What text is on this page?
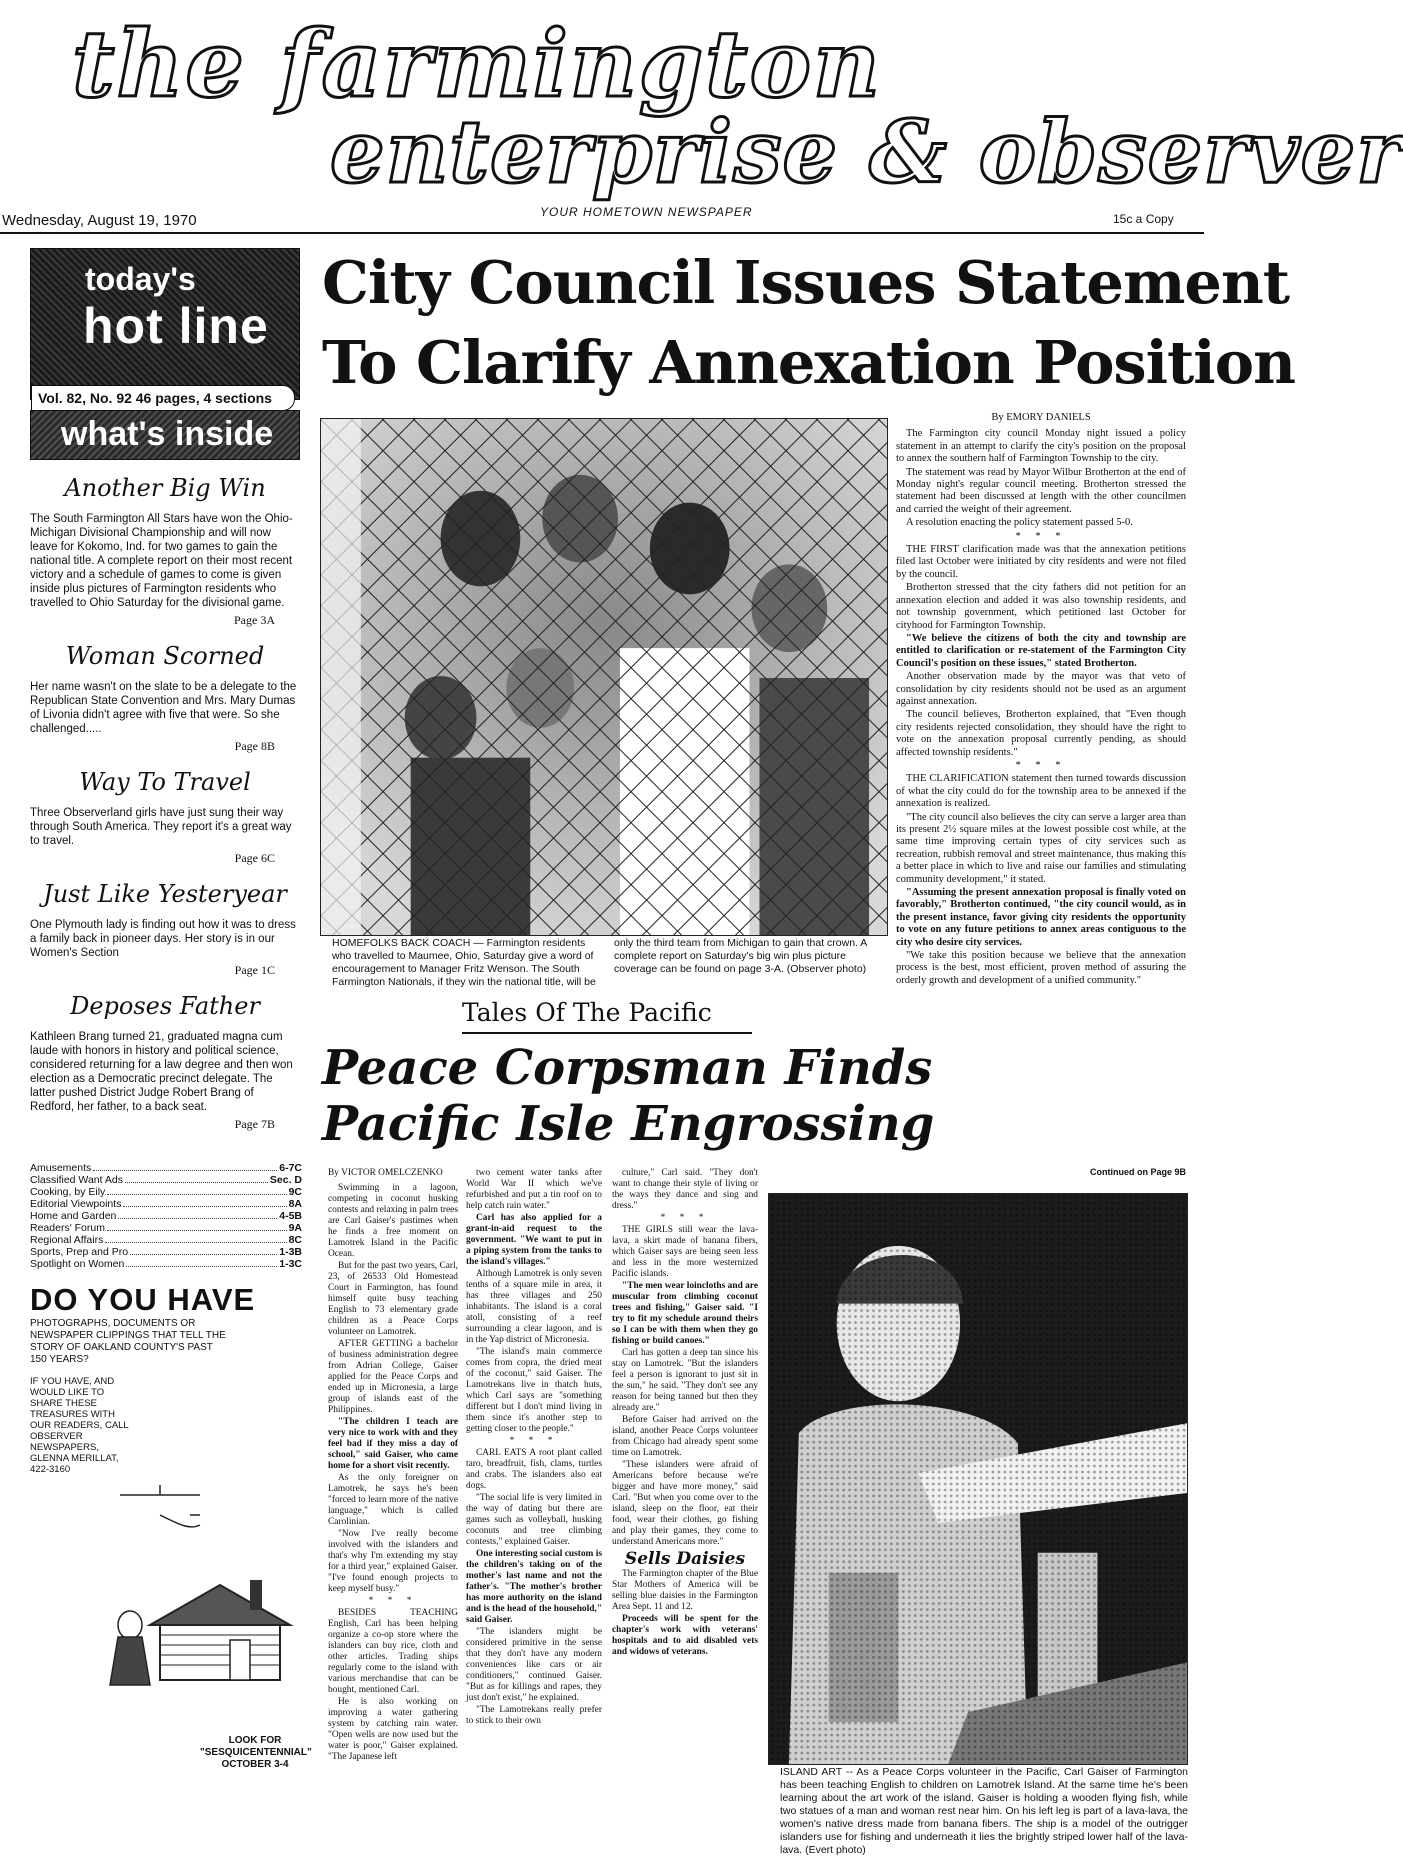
the farmington
enterprise & observer
Wednesday, August 19, 1970	YOUR HOMETOWN NEWSPAPER	15c a Copy
today's
hot line
Vol. 82, No. 92 46 pages, 4 sections
what's inside
Another Big Win

The South Farmington All Stars have won the Ohio-Michigan Divisional Championship and will now leave for Kokomo, Ind. for two games to gain the national title. A complete report on their most recent victory and a schedule of games to come is given inside plus pictures of Farmington residents who travelled to Ohio Saturday for the divisional game.

Page 3A
Woman Scorned

Her name wasn't on the slate to be a delegate to the Republican State Convention and Mrs. Mary Dumas of Livonia didn't agree with five that were. So she challenged.....

Page 8B
Way To Travel

Three Observerland girls have just sung their way through South America. They report it's a great way to travel.

Page 6C
Just Like Yesteryear

One Plymouth lady is finding out how it was to dress a family back in pioneer days. Her story is in our Women's Section

Page 1C
Deposes Father

Kathleen Brang turned 21, graduated magna cum laude with honors in history and political science, considered returning for a law degree and then won election as a Democratic precinct delegate. The latter pushed District Judge Robert Brang of Redford, her father, to a back seat.

Page 7B
Amusements	6-7C
Classified Want Ads	Sec. D
Cooking, by Eily	9C
Editorial Viewpoints	8A
Home and Garden	4-5B
Readers' Forum	9A
Regional Affairs	8C
Sports, Prep and Pro	1-3B
Spotlight on Women	1-3C
DO YOU HAVE
PHOTOGRAPHS, DOCUMENTS OR NEWSPAPER CLIPPINGS THAT TELL THE STORY OF OAKLAND COUNTY'S PAST 150 YEARS?
IF YOU HAVE, AND WOULD LIKE TO SHARE THESE TREASURES WITH OUR READERS, CALL OBSERVER NEWSPAPERS, GLENNA MERILLAT, 422-3160
LOOK FOR "SESQUICENTENNIAL" OCTOBER 3-4
City Council Issues Statement
To Clarify Annexation Position
HOMEFOLKS BACK COACH — Farmington residents who travelled to Maumee, Ohio, Saturday give a word of encouragement to Manager Fritz Wenson. The South Farmington Nationals, if they win the national title, will be only the third team from Michigan to gain that crown. A complete report on Saturday's big win plus picture coverage can be found on page 3-A. (Observer photo)

By EMORY DANIELS

The Farmington city council Monday night issued a policy statement in an attempt to clarify the city's position on the proposal to annex the southern half of Farmington Township to the city.

The statement was read by Mayor Wilbur Brotherton at the end of Monday night's regular council meeting. Brotherton stressed the statement had been discussed at length with the other councilmen and carried the weight of their agreement.

A resolution enacting the policy statement passed 5-0.

* * *

THE FIRST clarification made was that the annexation petitions filed last October were initiated by city residents and were not filed by the council.

Brotherton stressed that the city fathers did not petition for an annexation election and added it was also township residents, and not township government, which petitioned last October for cityhood for Farmington Township.

"We believe the citizens of both the city and township are entitled to clarification or re-statement of the Farmington City Council's position on these issues," stated Brotherton.

Another observation made by the mayor was that veto of consolidation by city residents should not be used as an argument against annexation.

The council believes, Brotherton explained, that "Even though city residents rejected consolidation, they should have the right to vote on the annexation proposal currently pending, as should affected township residents."

* * *

THE CLARIFICATION statement then turned towards discussion of what the city could do for the township area to be annexed if the annexation is realized.

"The city council also believes the city can serve a larger area than its present 2½ square miles at the lowest possible cost while, at the same time improving certain types of city services such as recreation, rubbish removal and street maintenance, thus making this a better place in which to live and raise our families and stimulating community development," it stated.

"Assuming the present annexation proposal is finally voted on favorably," Brotherton continued, "the city council would, as in the present instance, favor giving city residents the opportunity to vote on any future petitions to annex areas contiguous to the city who desire city services.

"We take this position because we believe that the annexation process is the best, most efficient, proven method of assuring the orderly growth and development of a unified community."

Continued on Page 9B
Tales Of The Pacific
Peace Corpsman Finds
Pacific Isle Engrossing

By VICTOR OMELCZENKO

Swimming in a lagoon, competing in coconut husking contests and relaxing in palm trees are Carl Gaiser's pastimes when he finds a free moment on Lamotrek Island in the Pacific Ocean.

But for the past two years, Carl, 23, of 26533 Old Homestead Court in Farmington, has found himself quite busy teaching English to 73 elementary grade children as a Peace Corps volunteer on Lamotrek.

AFTER GETTING a bachelor of business administration degree from Adrian College, Gaiser applied for the Peace Corps and ended up in Micronesia, a large group of islands east of the Philippines.

"The children I teach are very nice to work with and they feel bad if they miss a day of school," said Gaiser, who came home for a short visit recently.

As the only foreigner on Lamotrek, he says he's been "forced to learn more of the native language," which is called Carolinian.

"Now I've really become involved with the islanders and that's why I'm extending my stay for a third year," explained Gaiser. "I've found enough projects to keep myself busy."

* * *

BESIDES TEACHING English, Carl has been helping organize a co-op store where the islanders can buy rice, cloth and other articles. Trading ships regularly come to the island with various merchandise that can be bought, mentioned Carl.

He is also working on improving a water gathering system by catching rain water. "Open wells are now used but the water is poor," Gaiser explained. "The Japanese left

two cement water tanks after World War II which we've refurbished and put a tin roof on to help catch rain water."

Carl has also applied for a grant-in-aid request to the government. "We want to put in a piping system from the tanks to the island's villages."

Although Lamotrek is only seven tenths of a square mile in area, it has three villages and 250 inhabitants. The island is a coral atoll, consisting of a reef surrounding a clear lagoon, and is in the Yap district of Micronesia.

"The island's main commerce comes from copra, the dried meat of the coconut," said Gaiser. The Lamotrekans live in thatch huts, which Carl says are "something different but I don't mind living in them since it's another step to getting closer to the people."

* * *

CARL EATS A root plant called taro, breadfruit, fish, clams, turtles and crabs. The islanders also eat dogs.

"The social life is very limited in the way of dating but there are games such as volleyball, husking coconuts and tree climbing contests," explained Gaiser.

One interesting social custom is the children's taking on of the mother's last name and not the father's. "The mother's brother has more authority on the island and is the head of the household," said Gaiser.

"The islanders might be considered primitive in the sense that they don't have any modern conveniences like cars or air conditioners," continued Gaiser. "But as for killings and rapes, they just don't exist," he explained.

"The Lamotrekans really prefer to stick to their own

culture," Carl said. "They don't want to change their style of living or the ways they dance and sing and dress."

* * *

THE GIRLS still wear the lava-lava, a skirt made of banana fibers, which Gaiser says are being seen less and less in the more westernized Pacific islands.

"The men wear loincloths and are muscular from climbing coconut trees and fishing," Gaiser said. "I try to fit my schedule around theirs so I can be with them when they go fishing or build canoes."

Carl has gotten a deep tan since his stay on Lamotrek. "But the islanders feel a person is ignorant to just sit in the sun," he said. "They don't see any reason for being tanned but then they already are."

Before Gaiser had arrived on the island, another Peace Corps volunteer from Chicago had already spent some time on Lamotrek.

"These islanders were afraid of Americans before because we're bigger and have more money," said Carl. "But when you come over to the island, sleep on the floor, eat their food, wear their clothes, go fishing and play their games, they come to understand Americans more."

Sells Daisies

The Farmington chapter of the Blue Star Mothers of America will be selling blue daisies in the Farmington Area Sept. 11 and 12.

Proceeds will be spent for the chapter's work with veterans' hospitals and to aid disabled vets and widows of veterans.

ISLAND ART -- As a Peace Corps volunteer in the Pacific, Carl Gaiser of Farmington has been teaching English to children on Lamotrek Island. At the same time he's been learning about the art work of the island. Gaiser is holding a wooden flying fish, while two statues of a man and woman rest near him. On his left leg is part of a lava-lava, the women's native dress made from banana fibers. The ship is a model of the outrigger islanders use for fishing and underneath it lies the brightly striped lower half of the lava-lava. (Evert photo)
